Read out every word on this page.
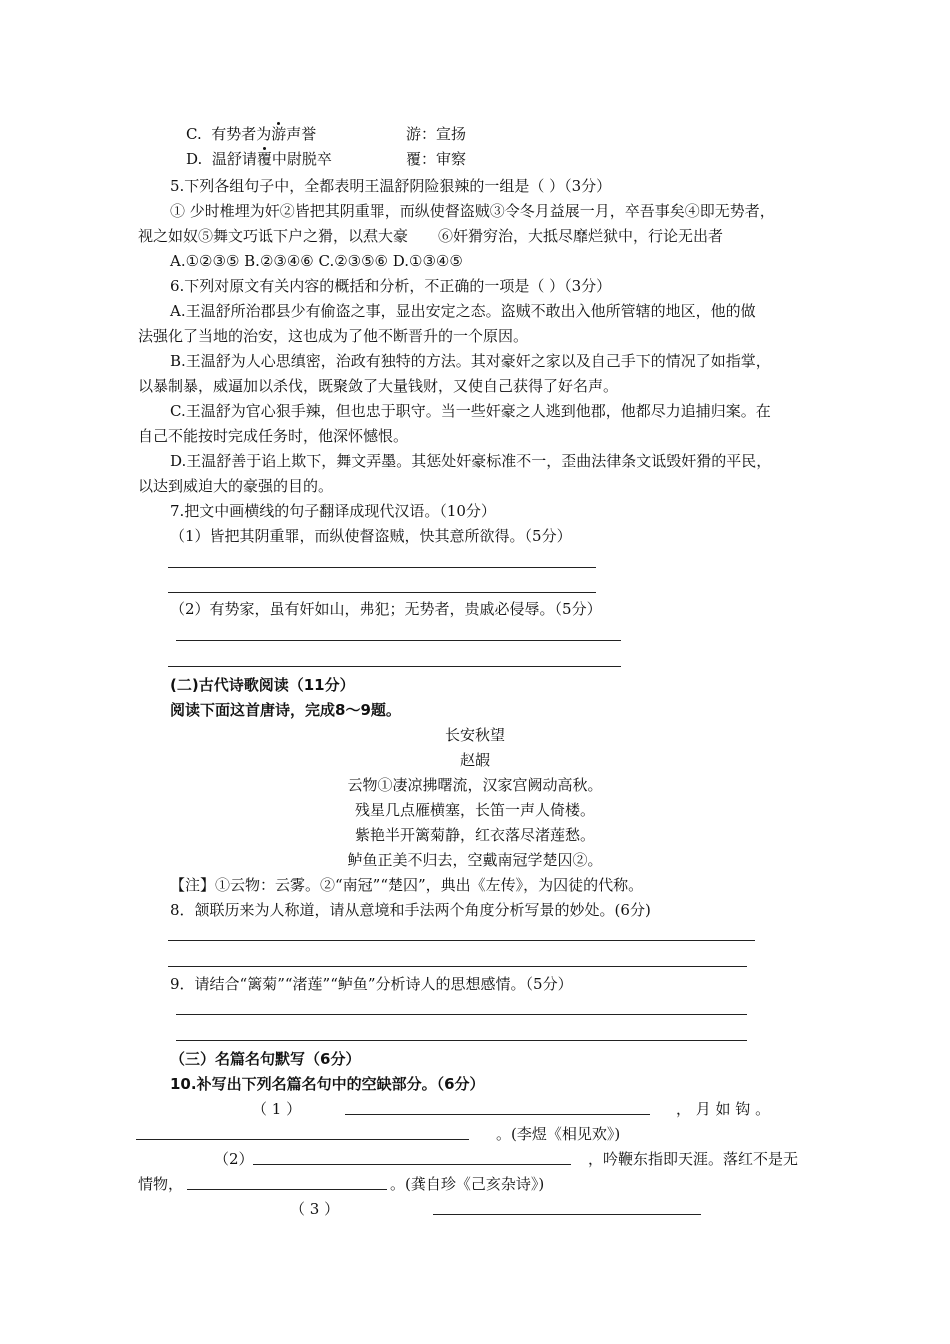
C. 有势者为游声誉	游：宣扬
D. 温舒请覆中尉脱卒	覆：审察
5.下列各组句子中，全都表明王温舒阴险狠辣的一组是（ ）（3分）
① 少时椎埋为奸②皆把其阴重罪，而纵使督盗贼③令冬月益展一月，卒吾事矣④即无势者，
视之如奴⑤舞文巧诋下户之猾，以焄大豪　　⑥奸猾穷治，大抵尽靡烂狱中，行论无出者
A.①②③⑤ B.②③④⑥ C.②③⑤⑥ D.①③④⑤
6.下列对原文有关内容的概括和分析，不正确的一项是（ ）（3分）
A.王温舒所治郡县少有偷盗之事，显出安定之态。盗贼不敢出入他所管辖的地区，他的做
法强化了当地的治安，这也成为了他不断晋升的一个原因。
B.王温舒为人心思缜密，治政有独特的方法。其对豪奸之家以及自己手下的情况了如指掌，
以暴制暴，威逼加以杀伐，既聚敛了大量钱财，又使自己获得了好名声。
C.王温舒为官心狠手辣，但也忠于职守。当一些奸豪之人逃到他郡，他都尽力追捕归案。在
自己不能按时完成任务时，他深怀憾恨。
D.王温舒善于谄上欺下，舞文弄墨。其惩处奸豪标准不一，歪曲法律条文诋毁奸猾的平民，
以达到威迫大的豪强的目的。
7.把文中画横线的句子翻译成现代汉语。（10分）
（1）皆把其阴重罪，而纵使督盗贼，快其意所欲得。（5分）
（2）有势家，虽有奸如山，弗犯；无势者，贵戚必侵辱。（5分）
(二)古代诗歌阅读（11分）
阅读下面这首唐诗，完成8～9题。
长安秋望
赵嘏
云物①凄凉拂曙流，汉家宫阙动高秋。
残星几点雁横塞，长笛一声人倚楼。
紫艳半开篱菊静，红衣落尽渚莲愁。
鲈鱼正美不归去，空戴南冠学楚囚②。
【注】①云物：云雾。②“南冠”“楚囚”，典出《左传》，为囚徒的代称。
8．颔联历来为人称道，请从意境和手法两个角度分析写景的妙处。(6分)
9．请结合“篱菊”“渚莲”“鲈鱼”分析诗人的思想感情。（5分）
（三）名篇名句默写（6分）
10.补写出下列名篇名句中的空缺部分。（6分）
（ 1 ）	， 月 如 钩 。
。(李煜《相见欢》)
（2）	，吟鞭东指即天涯。落红不是无
情物，	。(龚自珍《己亥杂诗》)
（ 3 ）
